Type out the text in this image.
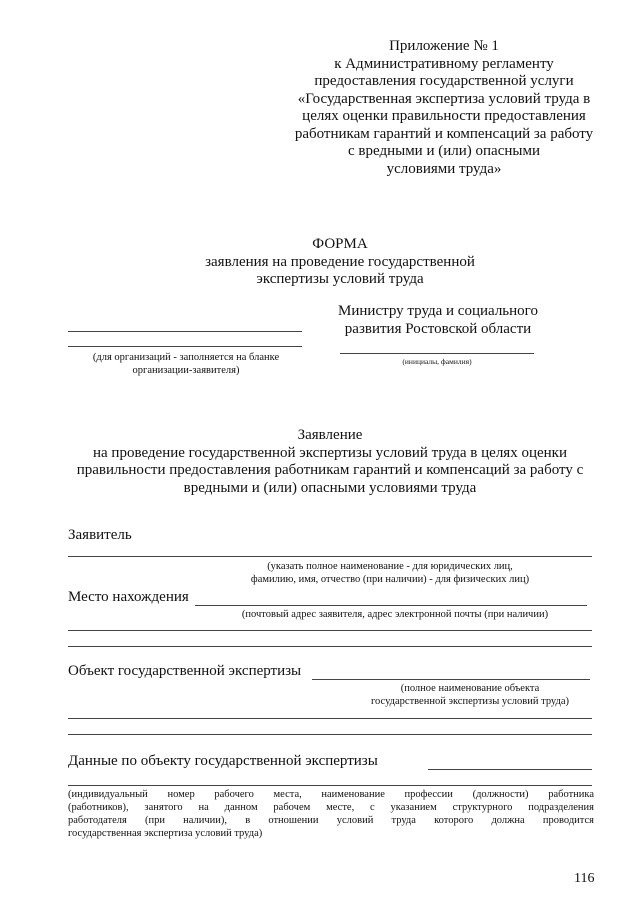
Приложение № 1
к Административному регламенту
предоставления государственной услуги
«Государственная экспертиза условий труда в
целях оценки правильности предоставления
работникам гарантий и компенсаций за работу
с вредными и (или) опасными
условиями труда»
ФОРМА
заявления на проведение государственной
экспертизы условий труда
Министру труда и социального
развития Ростовской области
(инициалы, фамилия)
(для организаций - заполняется на бланке
организации-заявителя)
Заявление
на проведение государственной экспертизы условий труда в целях оценки
правильности предоставления работникам гарантий и компенсаций за работу с
вредными и (или) опасными условиями труда
Заявитель
(указать полное наименование - для юридических лиц,
фамилию, имя, отчество (при наличии) - для физических лиц)
Место нахождения
(почтовый адрес заявителя, адрес электронной почты (при наличии)
Объект государственной экспертизы
(полное наименование объекта
государственной экспертизы условий труда)
Данные по объекту государственной экспертизы
(индивидуальный номер рабочего места, наименование профессии (должности) работника
(работников), занятого на данном рабочем месте, с указанием структурного подразделения
работодателя (при наличии), в отношении условий труда которого должна проводится
государственная экспертиза условий труда)
116
